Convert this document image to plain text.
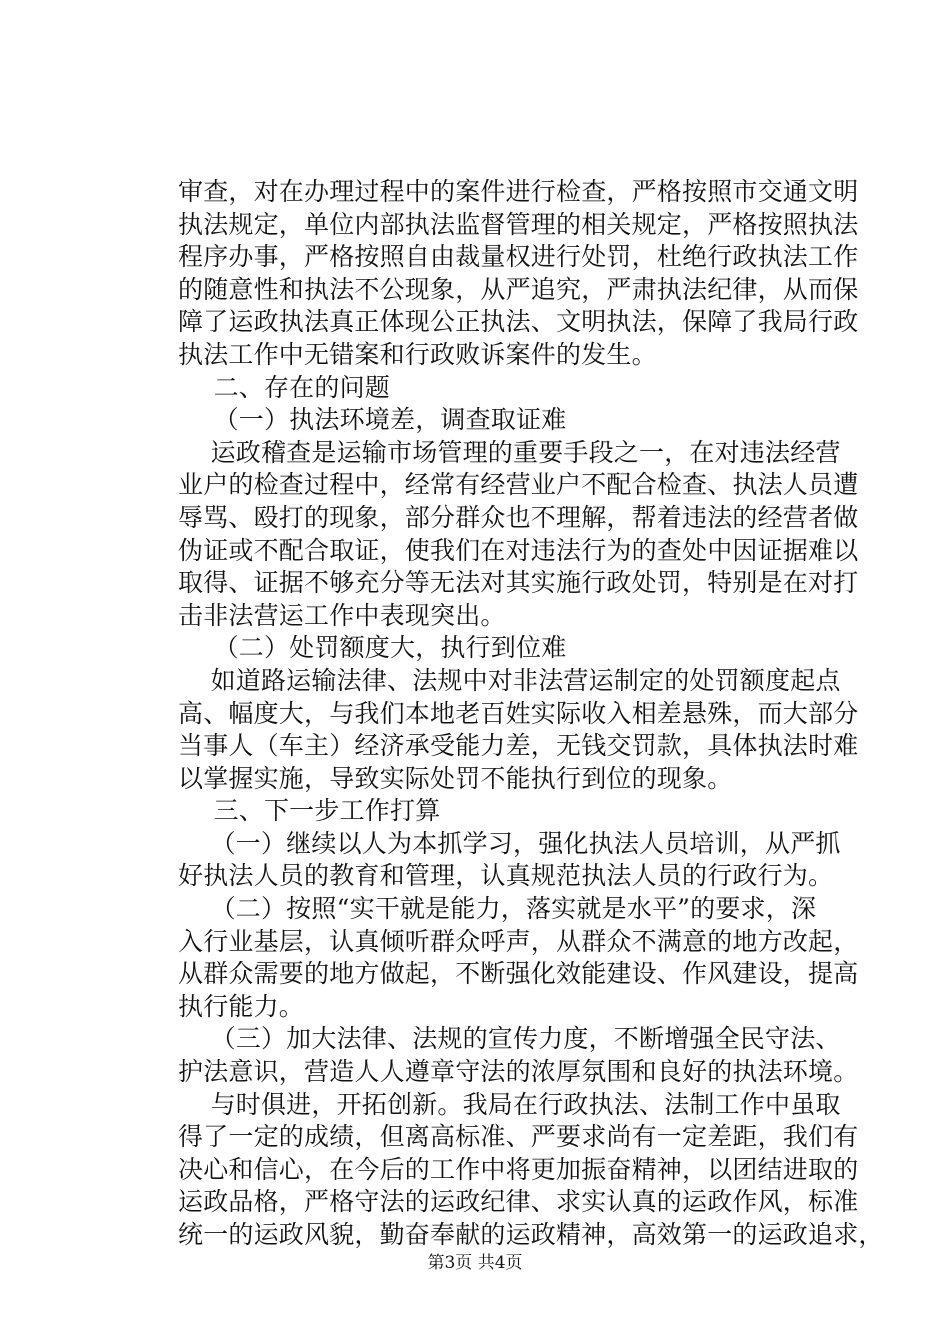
审查，对在办理过程中的案件进行检查，严格按照市交通文明
执法规定，单位内部执法监督管理的相关规定，严格按照执法
程序办事，严格按照自由裁量权进行处罚，杜绝行政执法工作
的随意性和执法不公现象，从严追究，严肃执法纪律，从而保
障了运政执法真正体现公正执法、文明执法，保障了我局行政
执法工作中无错案和行政败诉案件的发生。
二、存在的问题
（一）执法环境差，调查取证难
运政稽查是运输市场管理的重要手段之一，在对违法经营
业户的检查过程中，经常有经营业户不配合检查、执法人员遭
辱骂、殴打的现象，部分群众也不理解，帮着违法的经营者做
伪证或不配合取证，使我们在对违法行为的查处中因证据难以
取得、证据不够充分等无法对其实施行政处罚，特别是在对打
击非法营运工作中表现突出。
（二）处罚额度大，执行到位难
如道路运输法律、法规中对非法营运制定的处罚额度起点
高、幅度大，与我们本地老百姓实际收入相差悬殊，而大部分
当事人（车主）经济承受能力差，无钱交罚款，具体执法时难
以掌握实施，导致实际处罚不能执行到位的现象。
三、下一步工作打算
（一）继续以人为本抓学习，强化执法人员培训，从严抓
好执法人员的教育和管理，认真规范执法人员的行政行为。
（二）按照“实干就是能力，落实就是水平”的要求，深
入行业基层，认真倾听群众呼声，从群众不满意的地方改起，
从群众需要的地方做起，不断强化效能建设、作风建设，提高
执行能力。
（三）加大法律、法规的宣传力度，不断增强全民守法、
护法意识，营造人人遵章守法的浓厚氛围和良好的执法环境。
与时俱进，开拓创新。我局在行政执法、法制工作中虽取
得了一定的成绩，但离高标准、严要求尚有一定差距，我们有
决心和信心，在今后的工作中将更加振奋精神，以团结进取的
运政品格，严格守法的运政纪律、求实认真的运政作风，标准
统一的运政风貌，勤奋奉献的运政精神，高效第一的运政追求，
第3页 共4页
